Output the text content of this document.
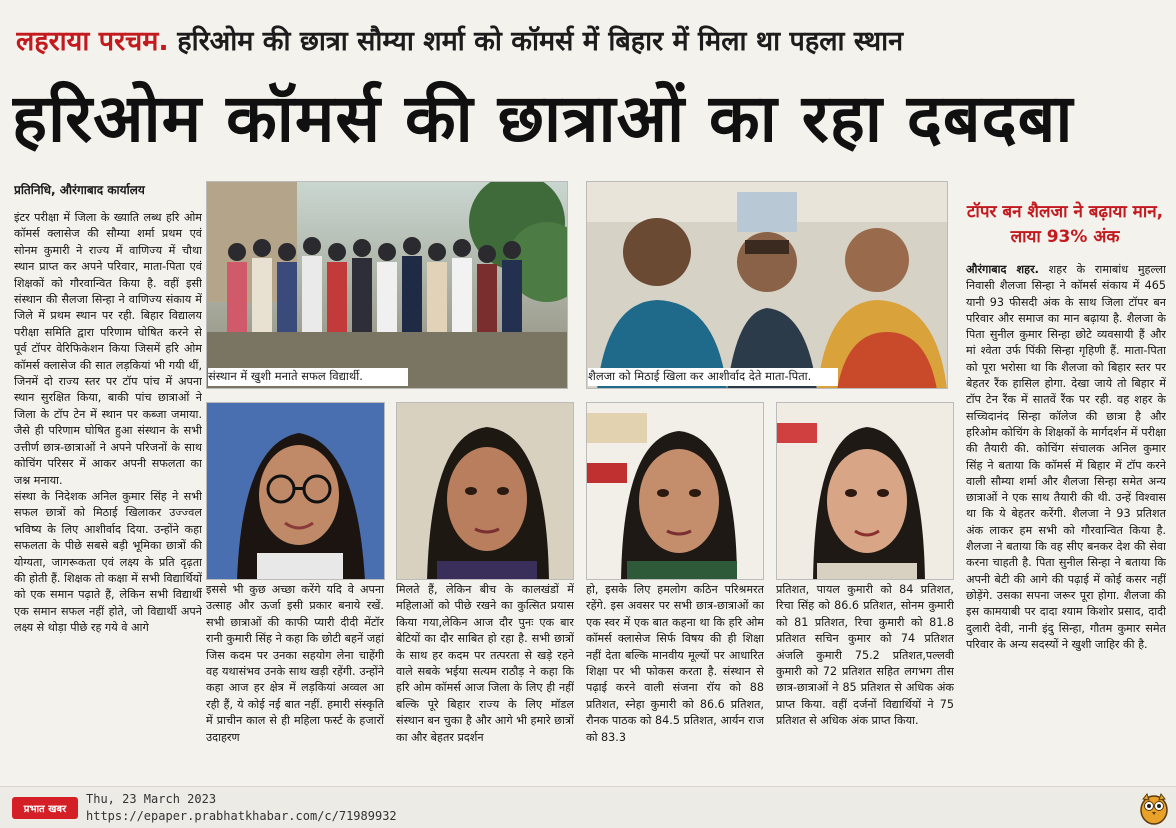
लहराया परचम. हरिओम की छात्रा सौम्या शर्मा को कॉमर्स में बिहार में मिला था पहला स्थान
हरिओम कॉमर्स की छात्राओं का रहा दबदबा
प्रतिनिधि, औरंगाबाद कार्यालय

इंटर परीक्षा में जिला के ख्याति लब्ध हरि ओम कॉमर्स क्लासेज की सौम्या शर्मा प्रथम एवं सोनम कुमारी ने राज्य में वाणिज्य में चौथा स्थान प्राप्त कर अपने परिवार, माता-पिता एवं शिक्षकों को गौरवान्वित किया है. वहीं इसी संस्थान की सैलजा सिन्हा ने वाणिज्य संकाय में जिले में प्रथम स्थान पर रही. बिहार विद्यालय परीक्षा समिति द्वारा परिणाम घोषित करने से पूर्व टॉपर वेरिफिकेशन किया जिसमें हरि ओम कॉमर्स क्लासेज की सात लड़कियां भी गयी थीं, जिनमें दो राज्य स्तर पर टॉप पांच में अपना स्थान सुरक्षित किया, बाकी पांच छात्राओं ने जिला के टॉप टेन में स्थान पर कब्जा जमाया. जैसे ही परिणाम घोषित हुआ संस्थान के सभी उत्तीर्ण छात्र-छात्राओं ने अपने परिजनों के साथ कोचिंग परिसर में आकर अपनी सफलता का जश्न मनाया.

संस्था के निदेशक अनिल कुमार सिंह ने सभी सफल छात्रों को मिठाई खिलाकर उज्ज्वल भविष्य के लिए आशीर्वाद दिया. उन्होंने कहा सफलता के पीछे सबसे बड़ी भूमिका छात्रों की योग्यता, जागरूकता एवं लक्ष्य के प्रति दृढ़ता की होती हैं. शिक्षक तो कक्षा में सभी विद्यार्थियों को एक समान पढ़ाते हैं, लेकिन सभी विद्यार्थी एक समान सफल नहीं होते, जो विद्यार्थी अपने लक्ष्य से थोड़ा पीछे रह गये वे आगे

संस्थान में खुशी मनाते सफल विद्यार्थी.	शैलजा को मिठाई खिला कर आशीर्वाद देते माता-पिता.

इससे भी कुछ अच्छा करेंगे यदि वे अपना उत्साह और ऊर्जा इसी प्रकार बनाये रखें. सभी छात्राओं की काफी प्यारी दीदी मेंटॉर रानी कुमारी सिंह ने कहा कि छोटी बहनें जहां जिस कदम पर उनका सहयोग लेना चाहेंगी वह यथासंभव उनके साथ खड़ी रहेंगी. उन्होंने कहा आज हर क्षेत्र में लड़कियां अव्वल आ रही हैं, ये कोई नई बात नहीं. हमारी संस्कृति में प्राचीन काल से ही महिला फर्स्ट के हजारों उदाहरण

मिलते हैं, लेकिन बीच के कालखंडों में महिलाओं को पीछे रखने का कुत्सित प्रयास किया गया,लेकिन आज दौर पुनः एक बार बेटियों का दौर साबित हो रहा है. सभी छात्रों के साथ हर कदम पर तत्परता से खड़े रहने वाले सबके भईया सत्यम राठौड़ ने कहा कि हरि ओम कॉमर्स आज जिला के लिए ही नहीं बल्कि पूरे बिहार राज्य के लिए मॉडल संस्थान बन चुका है और आगे भी हमारे छात्रों का और बेहतर प्रदर्शन

हो, इसके लिए हमलोग कठिन परिश्रमरत रहेंगे. इस अवसर पर सभी छात्र-छात्राओं का एक स्वर में एक बात कहना था कि हरि ओम कॉमर्स क्लासेज सिर्फ विषय की ही शिक्षा नहीं देता बल्कि मानवीय मूल्यों पर आधारित शिक्षा पर भी फोकस करता है. संस्थान से पढ़ाई करने वाली संजना रॉय को 88 प्रतिशत, स्नेहा कुमारी को 86.6 प्रतिशत, रौनक पाठक को 84.5 प्रतिशत, आर्यन राज को 83.3

प्रतिशत, पायल कुमारी को 84 प्रतिशत, रिचा सिंह को 86.6 प्रतिशत, सोनम कुमारी को 81 प्रतिशत, रिचा कुमारी को 81.8 प्रतिशत सचिन कुमार को 74 प्रतिशत अंजलि कुमारी 75.2 प्रतिशत,पल्लवी कुमारी को 72 प्रतिशत सहित लगभग तीस छात्र-छात्राओं ने 85 प्रतिशत से अधिक अंक प्राप्त किया. वहीं दर्जनों विद्यार्थियों ने 75 प्रतिशत से अधिक अंक प्राप्त किया.

टॉपर बन शैलजा ने बढ़ाया मान, लाया 93% अंक
औरंगाबाद शहर. शहर के रामाबांध मुहल्ला निवासी शैलजा सिन्हा ने कॉमर्स संकाय में 465 यानी 93 फीसदी अंक के साथ जिला टॉपर बन परिवार और समाज का मान बढ़ाया है. शैलजा के पिता सुनील कुमार सिन्हा छोटे व्यवसायी हैं और मां श्वेता उर्फ पिंकी सिन्हा गृहिणी हैं. माता-पिता को पूरा भरोसा था कि शैलजा को बिहार स्तर पर बेहतर रैंक हासिल होगा. देखा जाये तो बिहार में टॉप टेन रैंक में सातवें रैंक पर रही. वह शहर के सच्चिदानंद सिन्हा कॉलेज की छात्रा है और हरिओम कोचिंग के शिक्षकों के मार्गदर्शन में परीक्षा की तैयारी की. कोचिंग संचालक अनिल कुमार सिंह ने बताया कि कॉमर्स में बिहार में टॉप करने वाली सौम्या शर्मा और शैलजा सिन्हा समेत अन्य छात्राओं ने एक साथ तैयारी की थी. उन्हें विश्वास था कि ये बेहतर करेंगी. शैलजा ने 93 प्रतिशत अंक लाकर हम सभी को गौरवान्वित किया है. शैलजा ने बताया कि वह सीए बनकर देश की सेवा करना चाहती है. पिता सुनील सिन्हा ने बताया कि अपनी बेटी की आगे की पढ़ाई में कोई कसर नहीं छोड़ेंगे. उसका सपना जरूर पूरा होगा. शैलजा की इस कामयाबी पर दादा श्याम किशोर प्रसाद, दादी दुलारी देवी, नानी इंदु सिन्हा, गौतम कुमार समेत परिवार के अन्य सदस्यों ने खुशी जाहिर की है.
प्रभात खबर
Thu, 23 March 2023
https://epaper.prabhatkhabar.com/c/71989932
